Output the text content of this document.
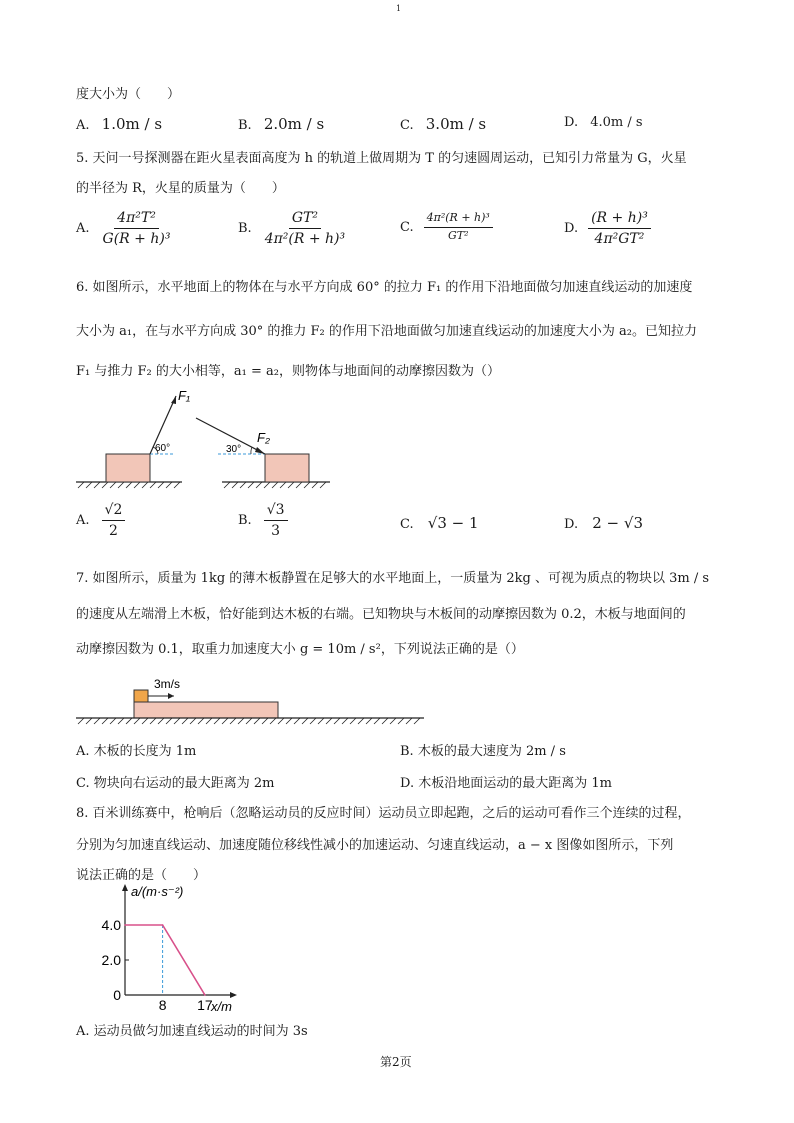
1
度大小为（　　）
A. 1.0m / s	B. 2.0m / s	C. 3.0m / s	D. 4.0m / s
5. 天问一号探测器在距火星表面高度为 h 的轨道上做周期为 T 的匀速圆周运动，已知引力常量为 G，火星
的半径为 R，火星的质量为（　　）
A. $\frac{\text{4π²T²}}{\text{G(R + h)³}}$	B. $\frac{\text{GT²}}{\text{4π²(R + h)³}}$	C. $\frac{\text{4π²(R + h)³}}{\text{GT²}}$	D. $\frac{\text{(R + h)³}}{\text{4π²GT²}}$
6. 如图所示，水平地面上的物体在与水平方向成 60° 的拉力 F₁ 的作用下沿地面做匀加速直线运动的加速度
大小为 a₁，在与水平方向成 30° 的推力 F₂ 的作用下沿地面做匀加速直线运动的加速度大小为 a₂。已知拉力
F₁ 与推力 F₂ 的大小相等，a₁ = a₂，则物体与地面间的动摩擦因数为（）
F₁
60°	30°
F₂
A. $\frac{√2}{2}$	B. $\frac{√3}{3}$	C. √3 − 1	D. 2 − √3
7. 如图所示，质量为 1kg 的薄木板静置在足够大的水平地面上，一质量为 2kg 、可视为质点的物块以 3m / s
的速度从左端滑上木板，恰好能到达木板的右端。已知物块与木板间的动摩擦因数为 0.2，木板与地面间的
动摩擦因数为 0.1，取重力加速度大小 g = 10m / s²，下列说法正确的是（）
3m/s
A. 木板的长度为 1m	B. 木板的最大速度为 2m / s
C. 物块向右运动的最大距离为 2m	D. 木板沿地面运动的最大距离为 1m
8. 百米训练赛中，枪响后（忽略运动员的反应时间）运动员立即起跑，之后的运动可看作三个连续的过程，
分别为匀加速直线运动、加速度随位移线性减小的加速运动、匀速直线运动，a − x 图像如图所示，下列
说法正确的是（　　）
4.0
2.0
0
8 17
a/(m·s⁻²)
x/m
A. 运动员做匀加速直线运动的时间为 3s
第2页
